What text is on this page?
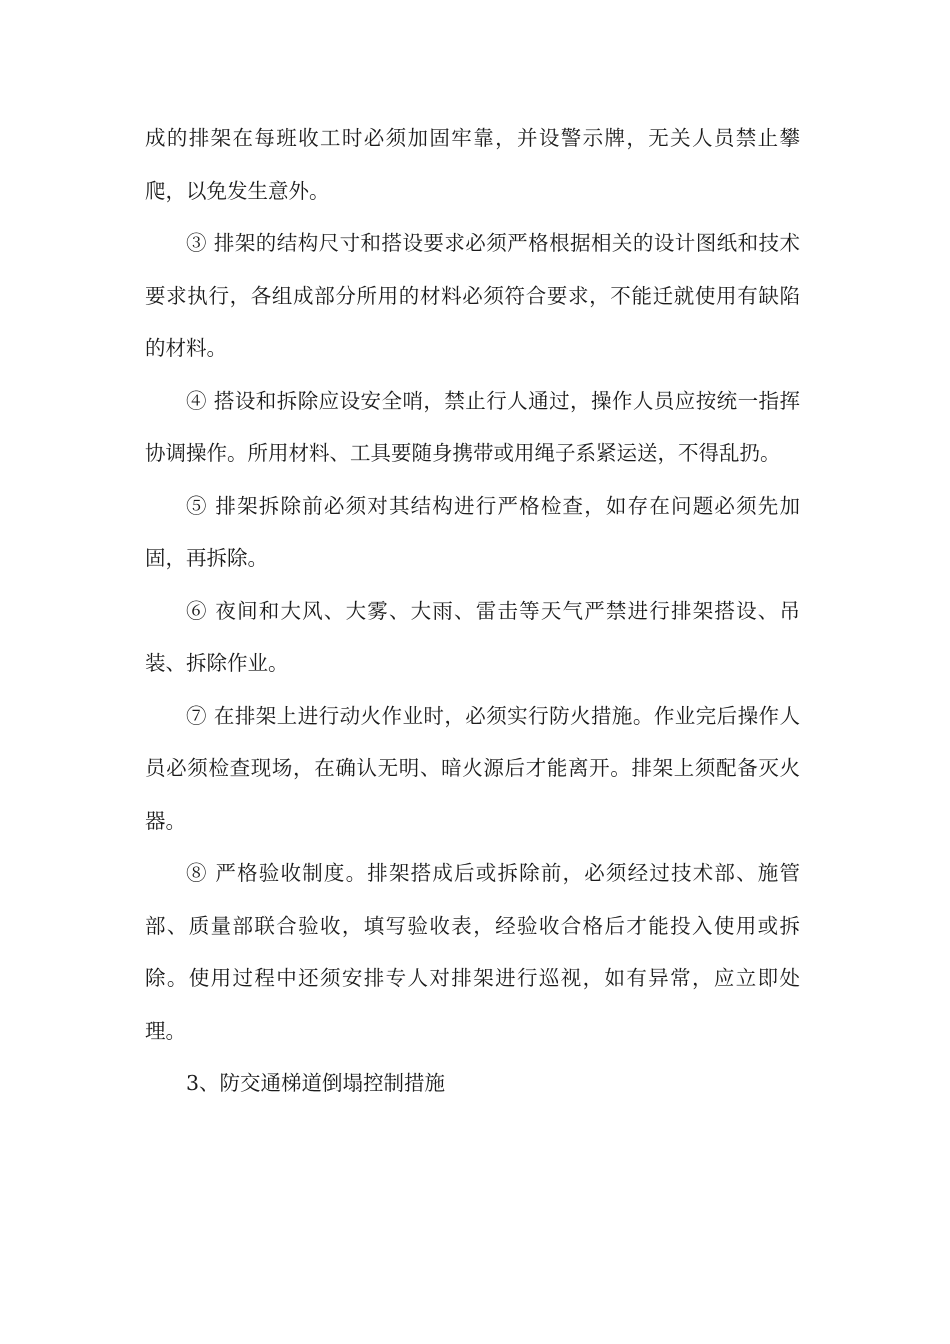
成的排架在每班收工时必须加固牢靠，并设警示牌，无关人员禁止攀爬，以免发生意外。

③ 排架的结构尺寸和搭设要求必须严格根据相关的设计图纸和技术要求执行，各组成部分所用的材料必须符合要求，不能迁就使用有缺陷的材料。

④ 搭设和拆除应设安全哨，禁止行人通过，操作人员应按统一指挥协调操作。所用材料、工具要随身携带或用绳子系紧运送，不得乱扔。

⑤ 排架拆除前必须对其结构进行严格检查，如存在问题必须先加固，再拆除。

⑥ 夜间和大风、大雾、大雨、雷击等天气严禁进行排架搭设、吊装、拆除作业。

⑦ 在排架上进行动火作业时，必须实行防火措施。作业完后操作人员必须检查现场，在确认无明、暗火源后才能离开。排架上须配备灭火器。

⑧ 严格验收制度。排架搭成后或拆除前，必须经过技术部、施管部、质量部联合验收，填写验收表，经验收合格后才能投入使用或拆除。使用过程中还须安排专人对排架进行巡视，如有异常，应立即处理。

3、防交通梯道倒塌控制措施
